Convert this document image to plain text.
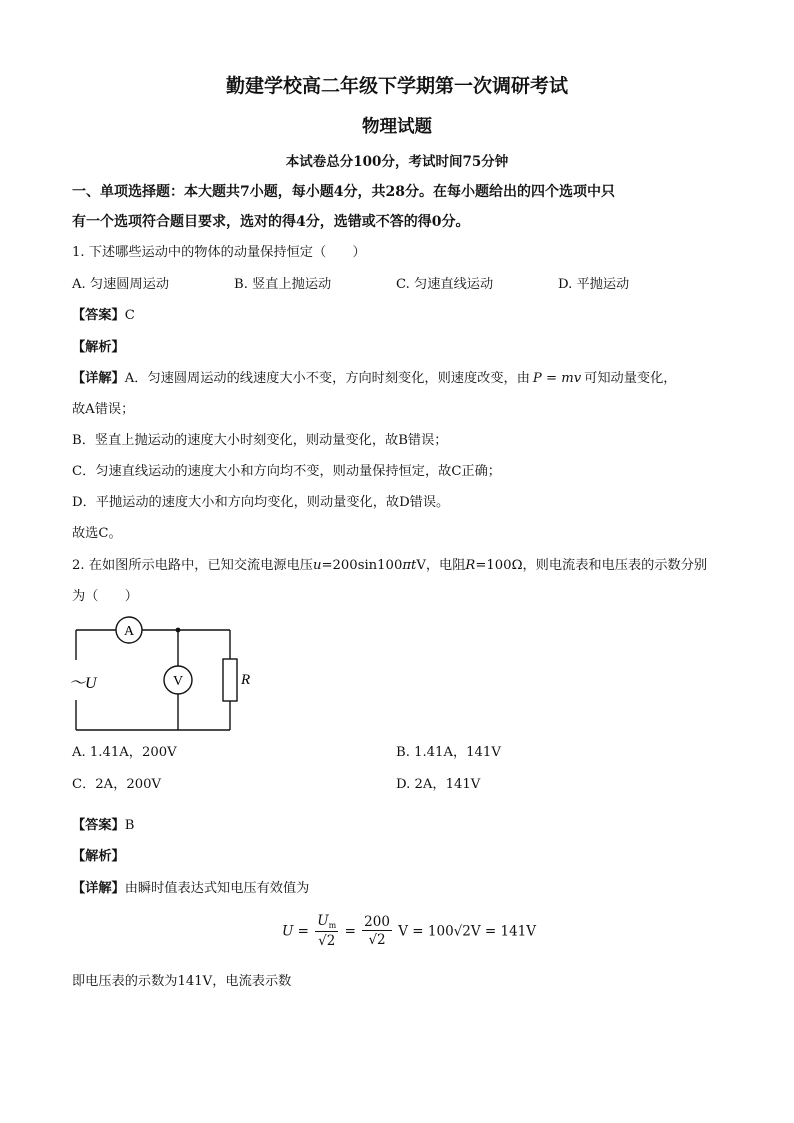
勤建学校高二年级下学期第一次调研考试
物理试题
本试卷总分100分，考试时间75分钟
一、单项选择题：本大题共7小题，每小题4分，共28分。在每小题给出的四个选项中只
有一个选项符合题目要求，选对的得4分，选错或不答的得0分。
1. 下述哪些运动中的物体的动量保持恒定（　　）
A. 匀速圆周运动	B. 竖直上抛运动	C. 匀速直线运动	D. 平抛运动
【答案】C
【解析】
【详解】A．匀速圆周运动的线速度大小不变，方向时刻变化，则速度改变，由 P = mv 可知动量变化，
故A错误；
B．竖直上抛运动的速度大小时刻变化，则动量变化，故B错误；
C．匀速直线运动的速度大小和方向均不变，则动量保持恒定，故C正确；
D．平抛运动的速度大小和方向均变化，则动量变化，故D错误。
故选C。
2. 在如图所示电路中，已知交流电源电压u=200sin100πtV，电阻R=100Ω，则电流表和电压表的示数分别
为（　　）
A
V
～U	R
A. 1.41A，200V	B. 1.41A，141V
C．2A，200V	D. 2A，141V
【答案】B
【解析】
【详解】由瞬时值表达式知电压有效值为
$U = \frac{U_m}{√2} = \frac{200}{√2}$ V = 100√2V = 141V
即电压表的示数为141V，电流表示数
